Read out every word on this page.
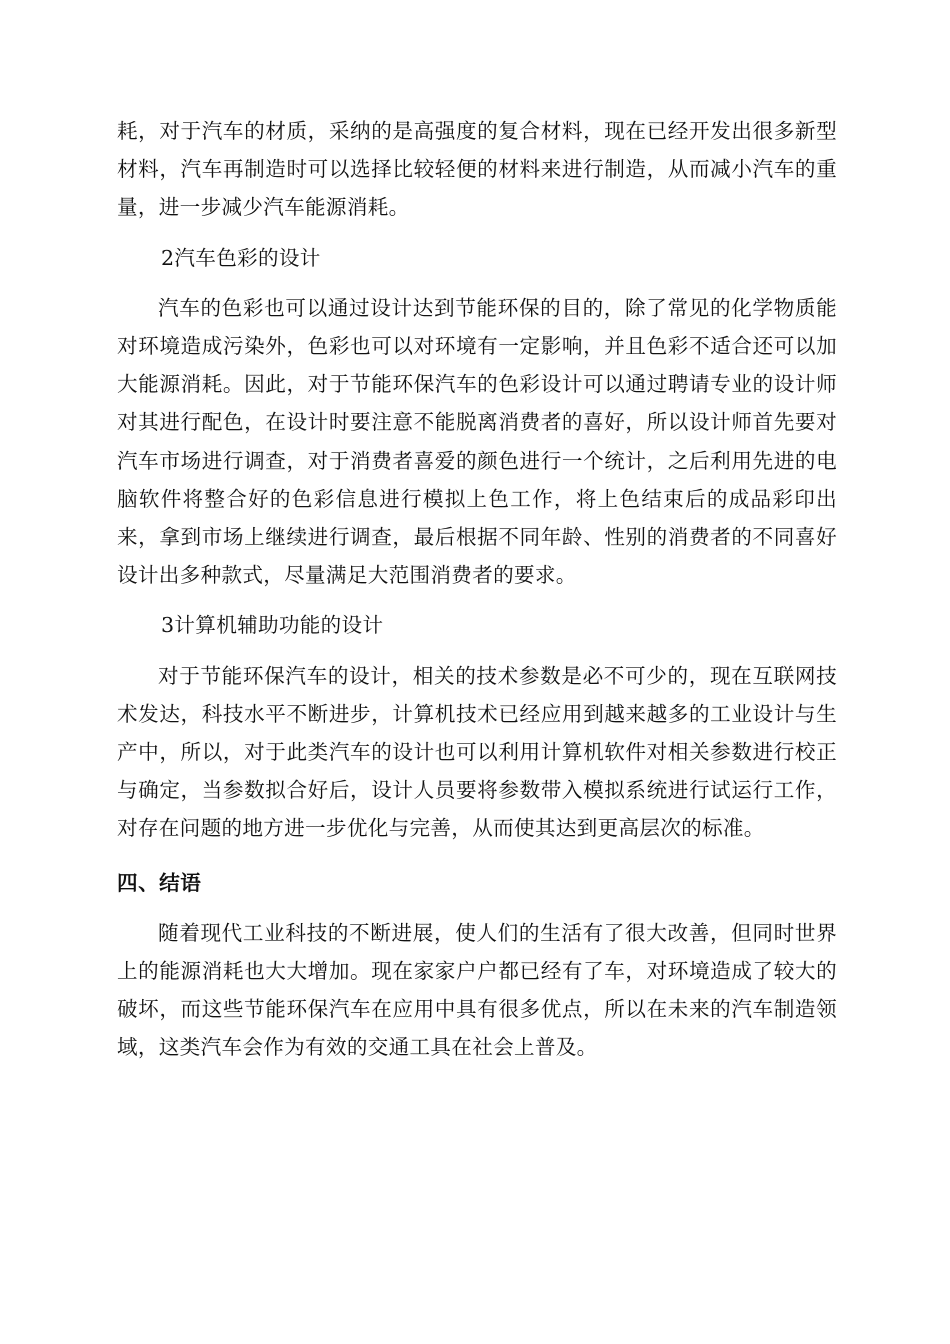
耗，对于汽车的材质，采纳的是高强度的复合材料，现在已经开发出很多新型材料，汽车再制造时可以选择比较轻便的材料来进行制造，从而减小汽车的重量，进一步减少汽车能源消耗。

2汽车色彩的设计

汽车的色彩也可以通过设计达到节能环保的目的，除了常见的化学物质能对环境造成污染外，色彩也可以对环境有一定影响，并且色彩不适合还可以加大能源消耗。因此，对于节能环保汽车的色彩设计可以通过聘请专业的设计师对其进行配色，在设计时要注意不能脱离消费者的喜好，所以设计师首先要对汽车市场进行调查，对于消费者喜爱的颜色进行一个统计，之后利用先进的电脑软件将整合好的色彩信息进行模拟上色工作，将上色结束后的成品彩印出来，拿到市场上继续进行调查，最后根据不同年龄、性别的消费者的不同喜好设计出多种款式，尽量满足大范围消费者的要求。

3计算机辅助功能的设计

对于节能环保汽车的设计，相关的技术参数是必不可少的，现在互联网技术发达，科技水平不断进步，计算机技术已经应用到越来越多的工业设计与生产中，所以，对于此类汽车的设计也可以利用计算机软件对相关参数进行校正与确定，当参数拟合好后，设计人员要将参数带入模拟系统进行试运行工作，对存在问题的地方进一步优化与完善，从而使其达到更高层次的标准。

四、结语

随着现代工业科技的不断进展，使人们的生活有了很大改善，但同时世界上的能源消耗也大大增加。现在家家户户都已经有了车，对环境造成了较大的破坏，而这些节能环保汽车在应用中具有很多优点，所以在未来的汽车制造领域，这类汽车会作为有效的交通工具在社会上普及。
